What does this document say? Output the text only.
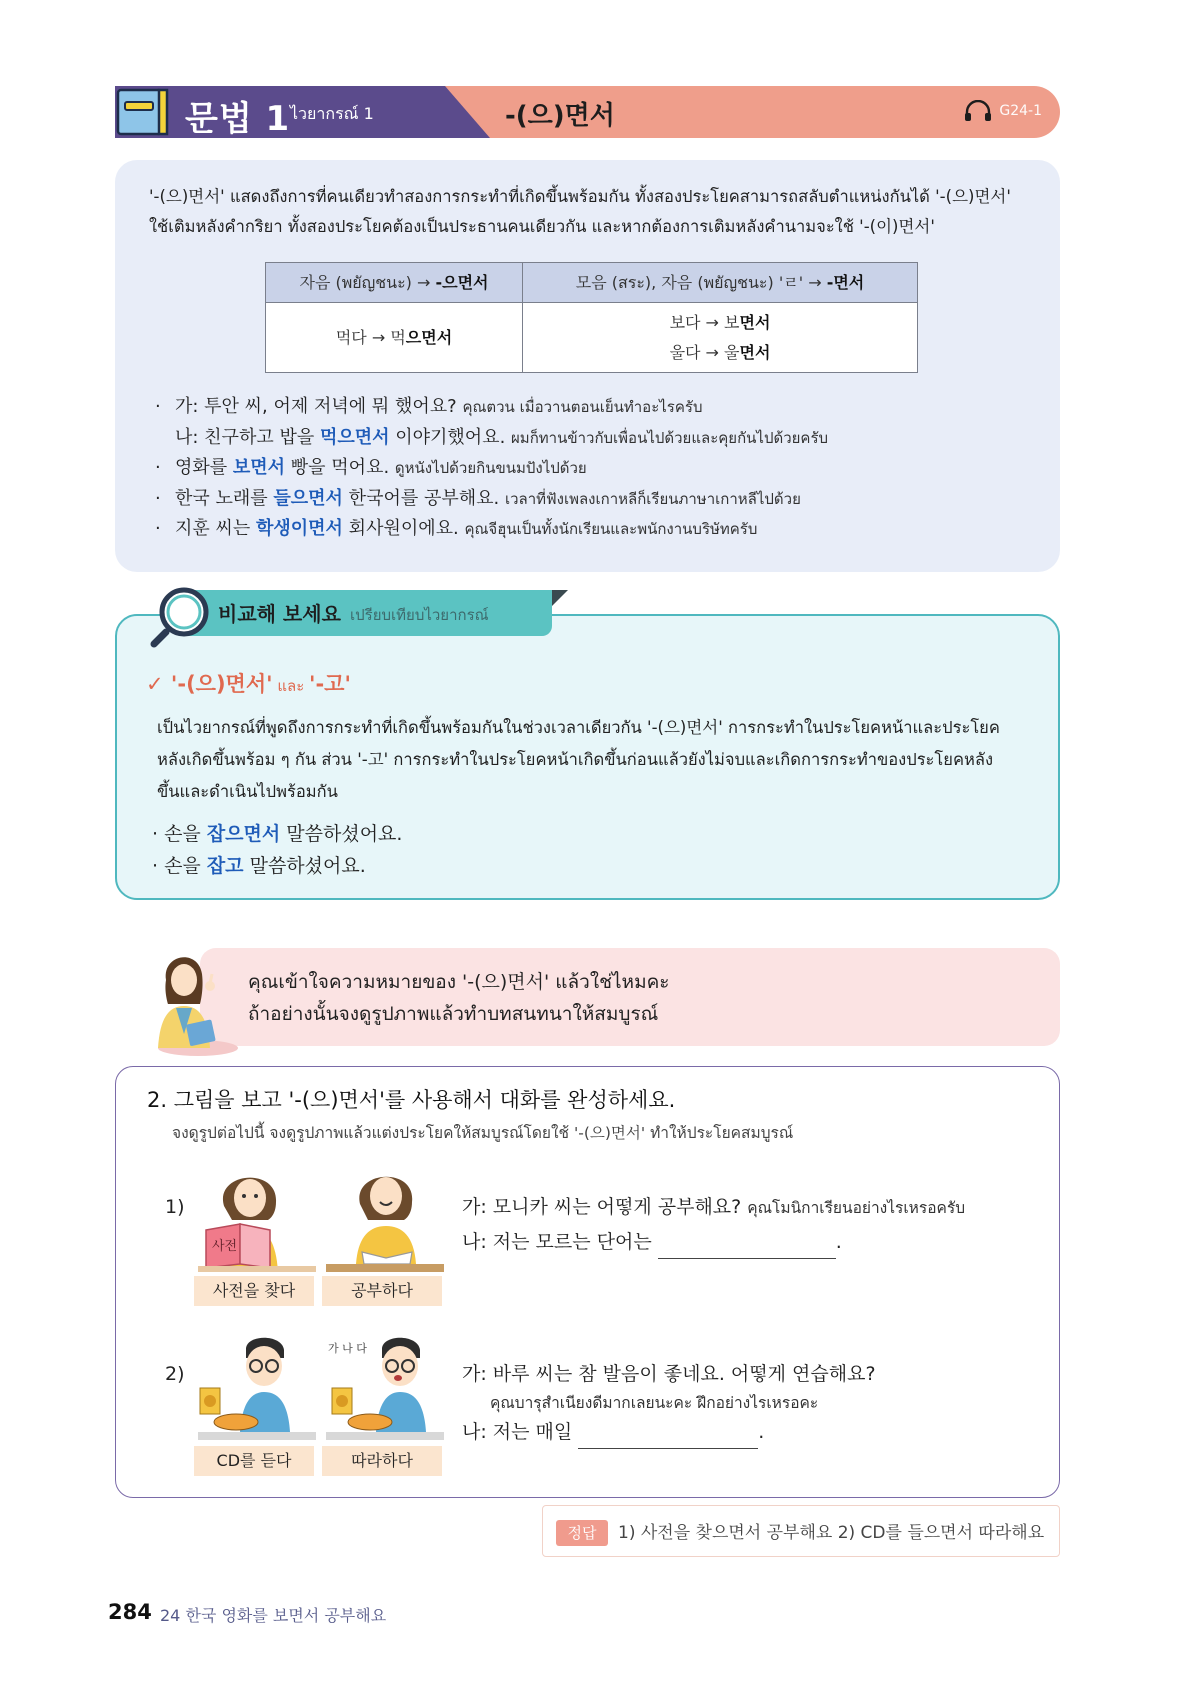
문법 1 ไวยากรณ์ 1	-(으)면서	G24-1
'-(으)면서' แสดงถึงการที่คนเดียวทำสองการกระทำที่เกิดขึ้นพร้อมกัน ทั้งสองประโยคสามารถสลับตำแหน่งกันได้ '-(으)면서'
ใช้เติมหลังคำกริยา ทั้งสองประโยคต้องเป็นประธานคนเดียวกัน และหากต้องการเติมหลังคำนามจะใช้ '-(이)면서'
자음 (พยัญชนะ) → -으면서	모음 (สระ), 자음 (พยัญชนะ) 'ㄹ' → -면서
먹다 → 먹으면서	보다 → 보면서
울다 → 울면서
· 가: 투안 씨, 어제 저녁에 뭐 했어요? คุณตวน เมื่อวานตอนเย็นทำอะไรครับ
나: 친구하고 밥을 먹으면서 이야기했어요. ผมก็ทานข้าวกับเพื่อนไปด้วยและคุยกันไปด้วยครับ
· 영화를 보면서 빵을 먹어요. ดูหนังไปด้วยกินขนมปังไปด้วย
· 한국 노래를 들으면서 한국어를 공부해요. เวลาที่ฟังเพลงเกาหลีก็เรียนภาษาเกาหลีไปด้วย
· 지훈 씨는 학생이면서 회사원이에요. คุณจีฮุนเป็นทั้งนักเรียนและพนักงานบริษัทครับ
비교해 보세요 เปรียบเทียบไวยากรณ์
✓ '-(으)면서' และ '-고'
เป็นไวยากรณ์ที่พูดถึงการกระทำที่เกิดขึ้นพร้อมกันในช่วงเวลาเดียวกัน '-(으)면서' การกระทำในประโยคหน้าและประโยค
หลังเกิดขึ้นพร้อม ๆ กัน ส่วน '-고' การกระทำในประโยคหน้าเกิดขึ้นก่อนแล้วยังไม่จบและเกิดการกระทำของประโยคหลัง
ขึ้นและดำเนินไปพร้อมกัน
· 손을 잡으면서 말씀하셨어요.
· 손을 잡고 말씀하셨어요.
คุณเข้าใจความหมายของ '-(으)면서' แล้วใช่ไหมคะ
ถ้าอย่างนั้นจงดูรูปภาพแล้วทำบทสนทนาให้สมบูรณ์
2. 그림을 보고 '-(으)면서'를 사용해서 대화를 완성하세요.
จงดูรูปต่อไปนี้ จงดูรูปภาพแล้วแต่งประโยคให้สมบูรณ์โดยใช้ '-(으)면서' ทำให้ประโยคสมบูรณ์
1)
사전
사전을 찾다	공부하다
가: 모니카 씨는 어떻게 공부해요? คุณโมนิกาเรียนอย่างไรเหรอครับ
나: 저는 모르는 단어는	.
2)
가 나 다
CD를 듣다	따라하다
가: 바루 씨는 참 발음이 좋네요. 어떻게 연습해요?
คุณบารุสำเนียงดีมากเลยนะคะ ฝึกอย่างไรเหรอคะ
나: 저는 매일	.
정답	1) 사전을 찾으면서 공부해요 2) CD를 들으면서 따라해요
284 24 한국 영화를 보면서 공부해요
